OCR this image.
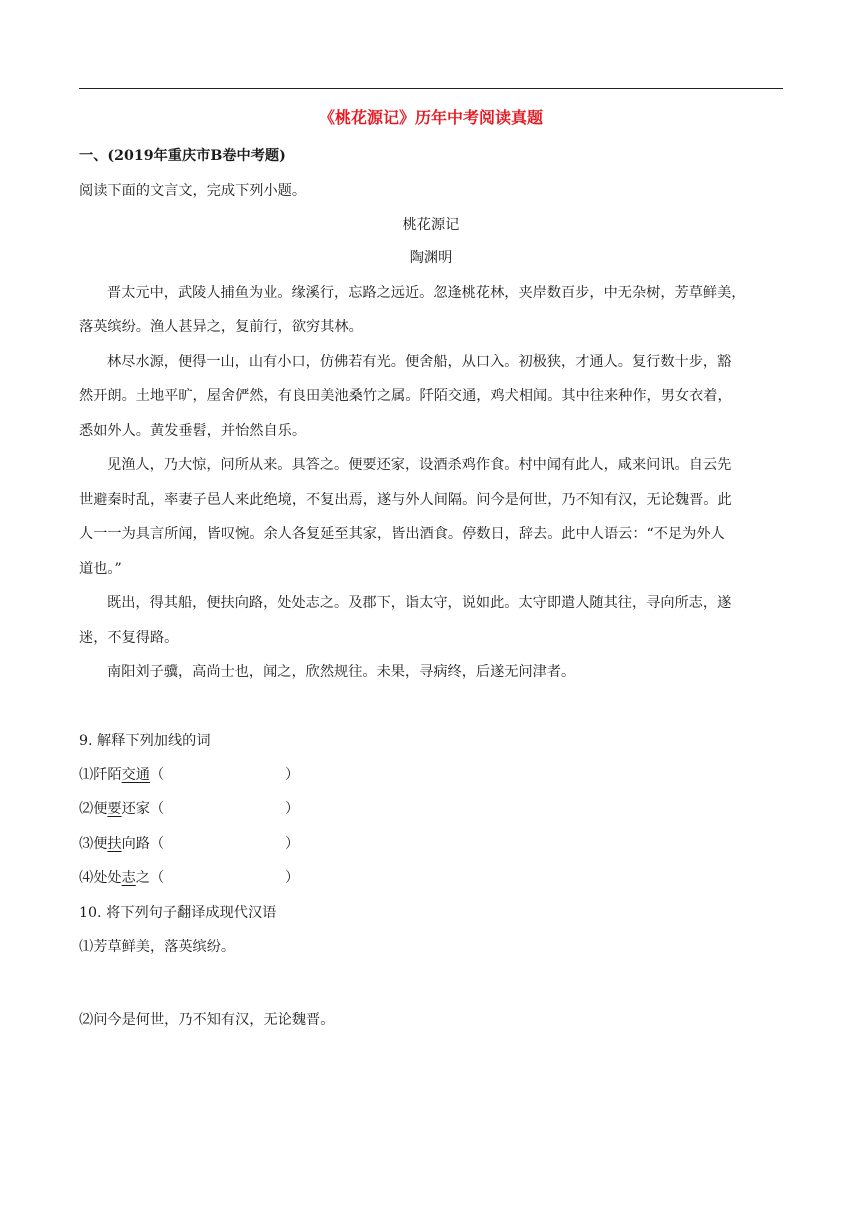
《桃花源记》历年中考阅读真题
一、(2019年重庆市B卷中考题)
阅读下面的文言文，完成下列小题。
桃花源记
陶渊明
晋太元中，武陵人捕鱼为业。缘溪行，忘路之远近。忽逢桃花林，夹岸数百步，中无杂树，芳草鲜美，
落英缤纷。渔人甚异之，复前行，欲穷其林。
林尽水源，便得一山，山有小口，仿佛若有光。便舍船，从口入。初极狭，才通人。复行数十步，豁
然开朗。土地平旷，屋舍俨然，有良田美池桑竹之属。阡陌交通，鸡犬相闻。其中往来种作，男女衣着，
悉如外人。黄发垂髫，并怡然自乐。
见渔人，乃大惊，问所从来。具答之。便要还家，设酒杀鸡作食。村中闻有此人，咸来问讯。自云先
世避秦时乱，率妻子邑人来此绝境，不复出焉，遂与外人间隔。问今是何世，乃不知有汉，无论魏晋。此
人一一为具言所闻，皆叹惋。余人各复延至其家，皆出酒食。停数日，辞去。此中人语云：“不足为外人
道也。”
既出，得其船，便扶向路，处处志之。及郡下，诣太守，说如此。太守即遣人随其往，寻向所志，遂
迷，不复得路。
南阳刘子骥，高尚士也，闻之，欣然规往。未果，寻病终，后遂无问津者。
9. 解释下列加线的词
⑴阡陌交通（	）
⑵便要还家（	）
⑶便扶向路（	）
⑷处处志之（	）
10. 将下列句子翻译成现代汉语
⑴芳草鲜美，落英缤纷。
⑵问今是何世，乃不知有汉，无论魏晋。
